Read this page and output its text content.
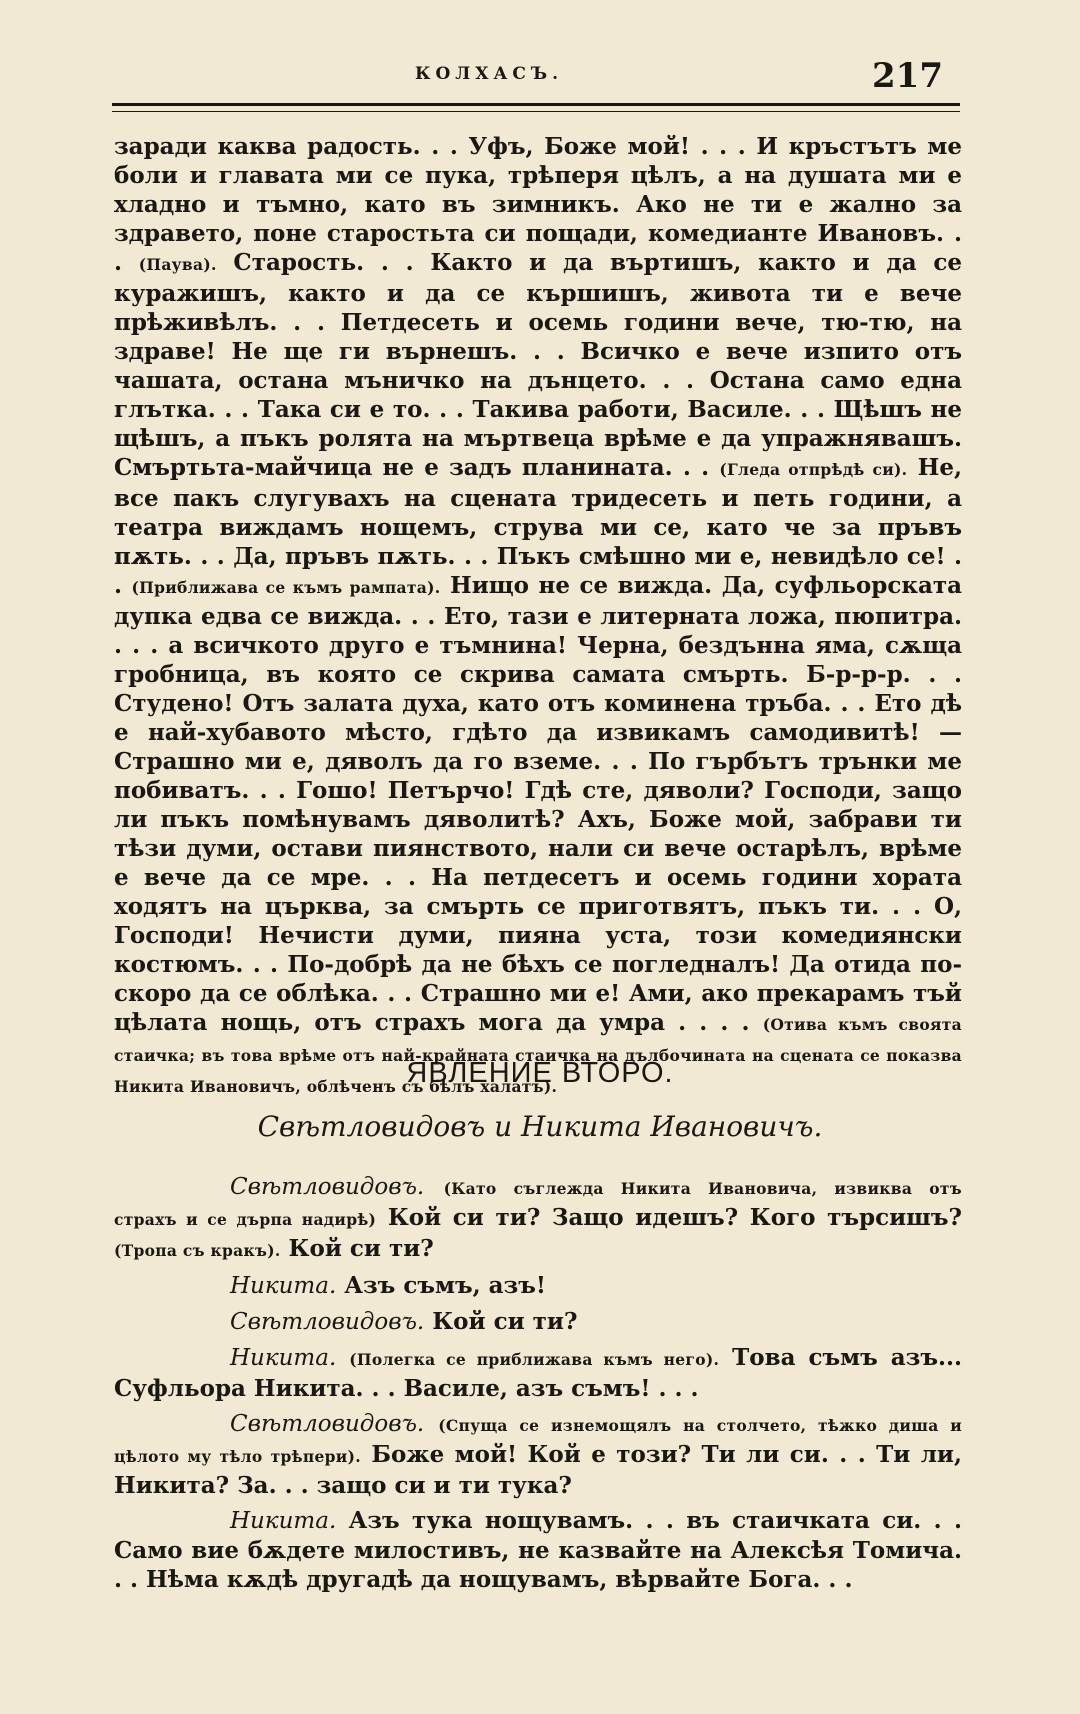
КОЛХАСЪ.	217
заради каква радость. . . Уфъ, Боже мой! . . . И кръстътъ ме боли и главата ми се пука, трѣперя цѣлъ, а на душата ми е хладно и тъмно, като въ зимникъ. Ако не ти е жално за здравето, поне старостьта си пощади, комедианте Ивановъ. . . (Паува). Старость. . . Както и да въртишъ, както и да се куражишъ, както и да се кършишъ, живота ти е вече прѣживѣлъ. . . Петдесеть и осемь години вече, тю-тю, на здраве! Не ще ги върнешъ. . . Всичко е вече изпито отъ чашата, остана мъничко на дънцето. . . Остана само една глътка. . . Така си е то. . . Такива работи, Василе. . . Щѣшъ не щѣшъ, а пъкъ ролята на мъртвеца врѣме е да упражнявашъ. Смъртьта-майчица не е задъ планината. . . (Гледа отпрѣдѣ си). Не, все пакъ слугувахъ на сцената тридесеть и петь години, а театра виждамъ нощемъ, струва ми се, като че за пръвъ пѫть. . . Да, пръвъ пѫть. . . Пъкъ смѣшно ми е, невидѣло се! . . (Приближава се къмъ рампата). Нищо не се вижда. Да, суфльорската дупка едва се вижда. . . Ето, тази е литерната ложа, пюпитра. . . . а всичкото друго е тъмнина! Черна, бездънна яма, сѫща гробница, въ която се скрива самата смърть. Б-р-р-р. . . Студено! Отъ залата духа, като отъ коминена тръба. . . Ето дѣ е най-хубавото мѣсто, гдѣто да извикамъ самодивитѣ! — Страшно ми е, дяволъ да го вземе. . . По гърбътъ трънки ме побиватъ. . . Гошо! Петърчо! Гдѣ сте, дяволи? Господи, защо ли пъкъ помѣнувамъ дяволитѣ? Ахъ, Боже мой, забрави ти тѣзи думи, остави пиянството, нали си вече остарѣлъ, врѣме е вече да се мре. . . На петдесетъ и осемь години хората ходятъ на църква, за смърть се приготвятъ, пъкъ ти. . . О, Господи! Нечисти думи, пияна уста, този комедиянски костюмъ. . . По-добрѣ да не бѣхъ се погледналъ! Да отида по-скоро да се облѣка. . . Страшно ми е! Ами, ако прекарамъ тъй цѣлата нощь, отъ страхъ мога да умра . . . . (Отива къмъ своята стаичка; въ това врѣме отъ най-крайната стаичка на дълбочината на сцената се показва Никита Ивановичъ, облѣченъ съ бѣлъ халатъ).
ЯВЛЕНИЕ ВТОРО.
Свѣтловидовъ и Никита Ивановичъ.

Свѣтловидовъ. (Като съглежда Никита Ивановича, извиква отъ страхъ и се дърпа надирѣ) Кой си ти? Защо идешъ? Кого търсишъ? (Тропа съ кракъ). Кой си ти?

Никита. Азъ съмъ, азъ!

Свѣтловидовъ. Кой си ти?

Никита. (Полегка се приближава къмъ него). Това съмъ азъ... Суфльора Никита. . . Василе, азъ съмъ! . . .

Свѣтловидовъ. (Спуща се изнемощялъ на столчето, тѣжко диша и цѣлото му тѣло трѣпери). Боже мой! Кой е този? Ти ли си. . . Ти ли, Никита? За. . . защо си и ти тука?

Никита. Азъ тука нощувамъ. . . въ стаичката си. . . Само вие бѫдете милостивъ, не казвайте на Алексѣя Томича. . . Нѣма кѫдѣ другадѣ да нощувамъ, вѣрвайте Бога. . .
